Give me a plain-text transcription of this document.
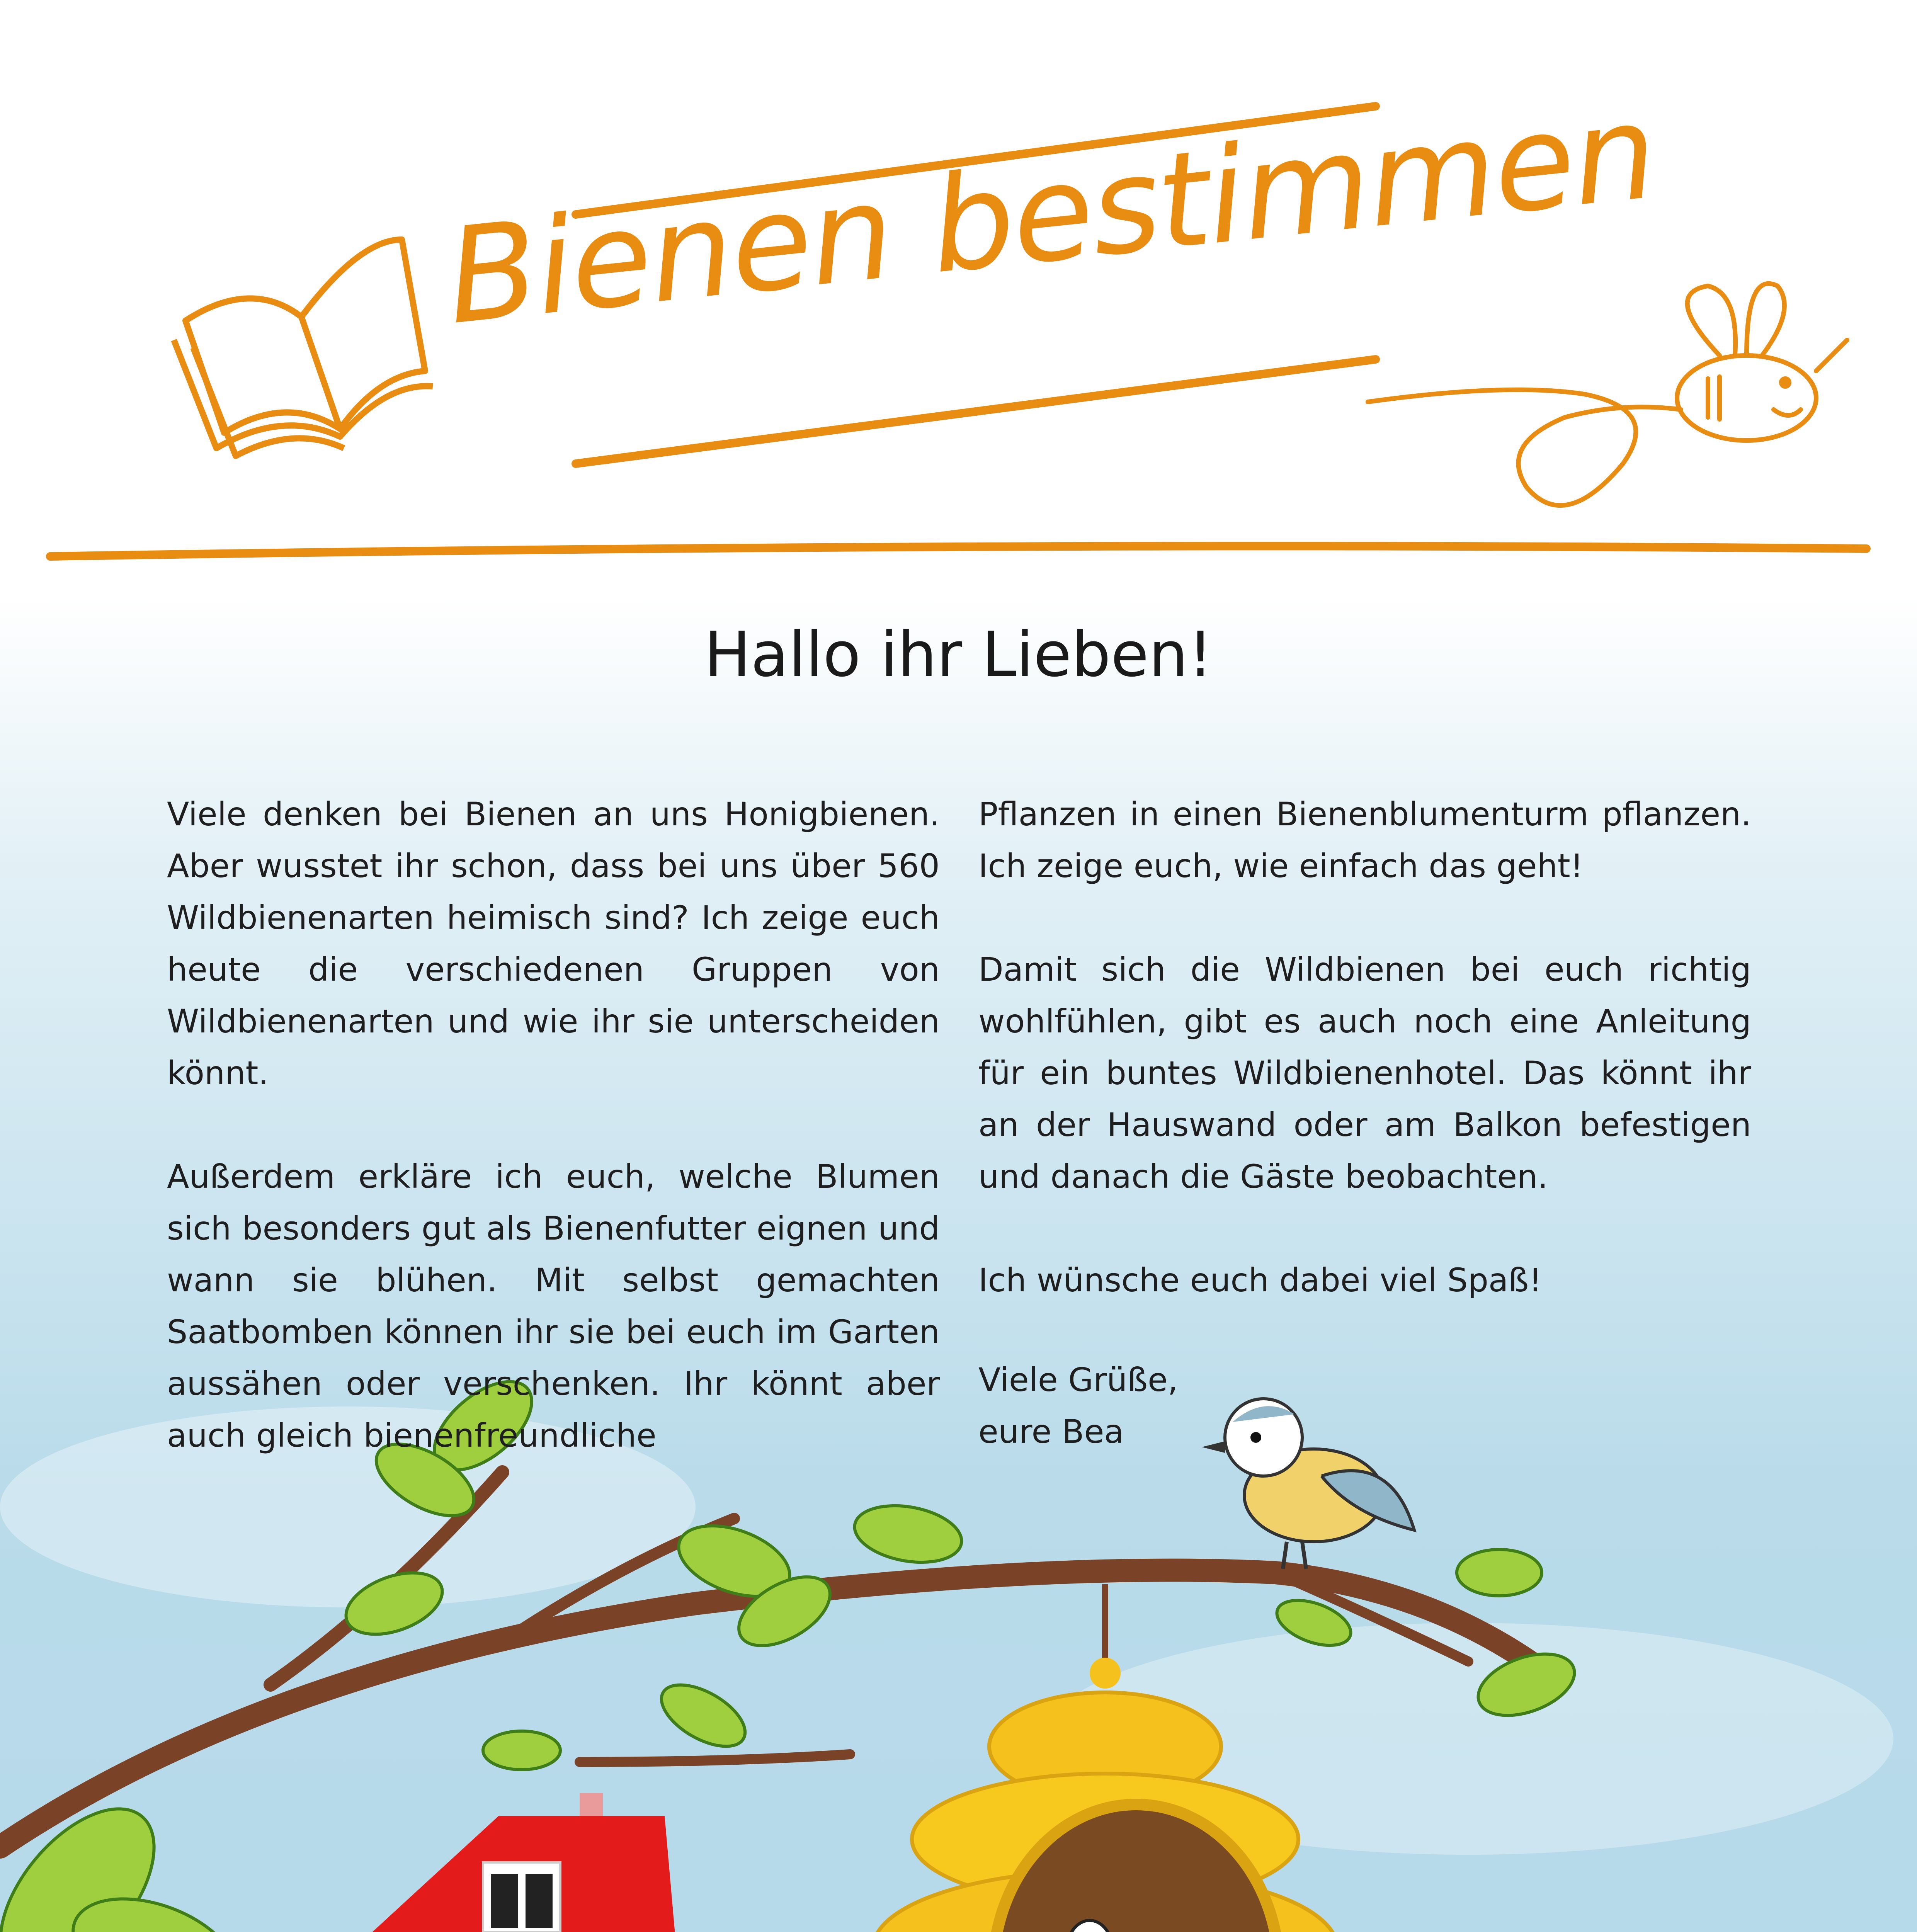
Bienen bestimmen
Hallo ihr Lieben!

Viele denken bei Bienen an uns Honigbienen. Aber wusstet ihr schon, dass bei uns über 560 Wildbienenarten heimisch sind? Ich zeige euch heute die verschiedenen Gruppen von Wildbienenarten und wie ihr sie unterscheiden könnt.

Außerdem erkläre ich euch, welche Blumen sich besonders gut als Bienenfutter eignen und wann sie blühen. Mit selbst gemachten Saatbomben können ihr sie bei euch im Garten aussähen oder verschenken. Ihr könnt aber auch gleich bienenfreundliche

Pflanzen in einen Bienenblumenturm pflanzen. Ich zeige euch, wie einfach das geht!

Damit sich die Wildbienen bei euch richtig wohlfühlen, gibt es auch noch eine Anleitung für ein buntes Wildbienenhotel. Das könnt ihr an der Hauswand oder am Balkon befestigen und danach die Gäste beobachten.

Ich wünsche euch dabei viel Spaß!

Viele Grüße,
eure Bea
